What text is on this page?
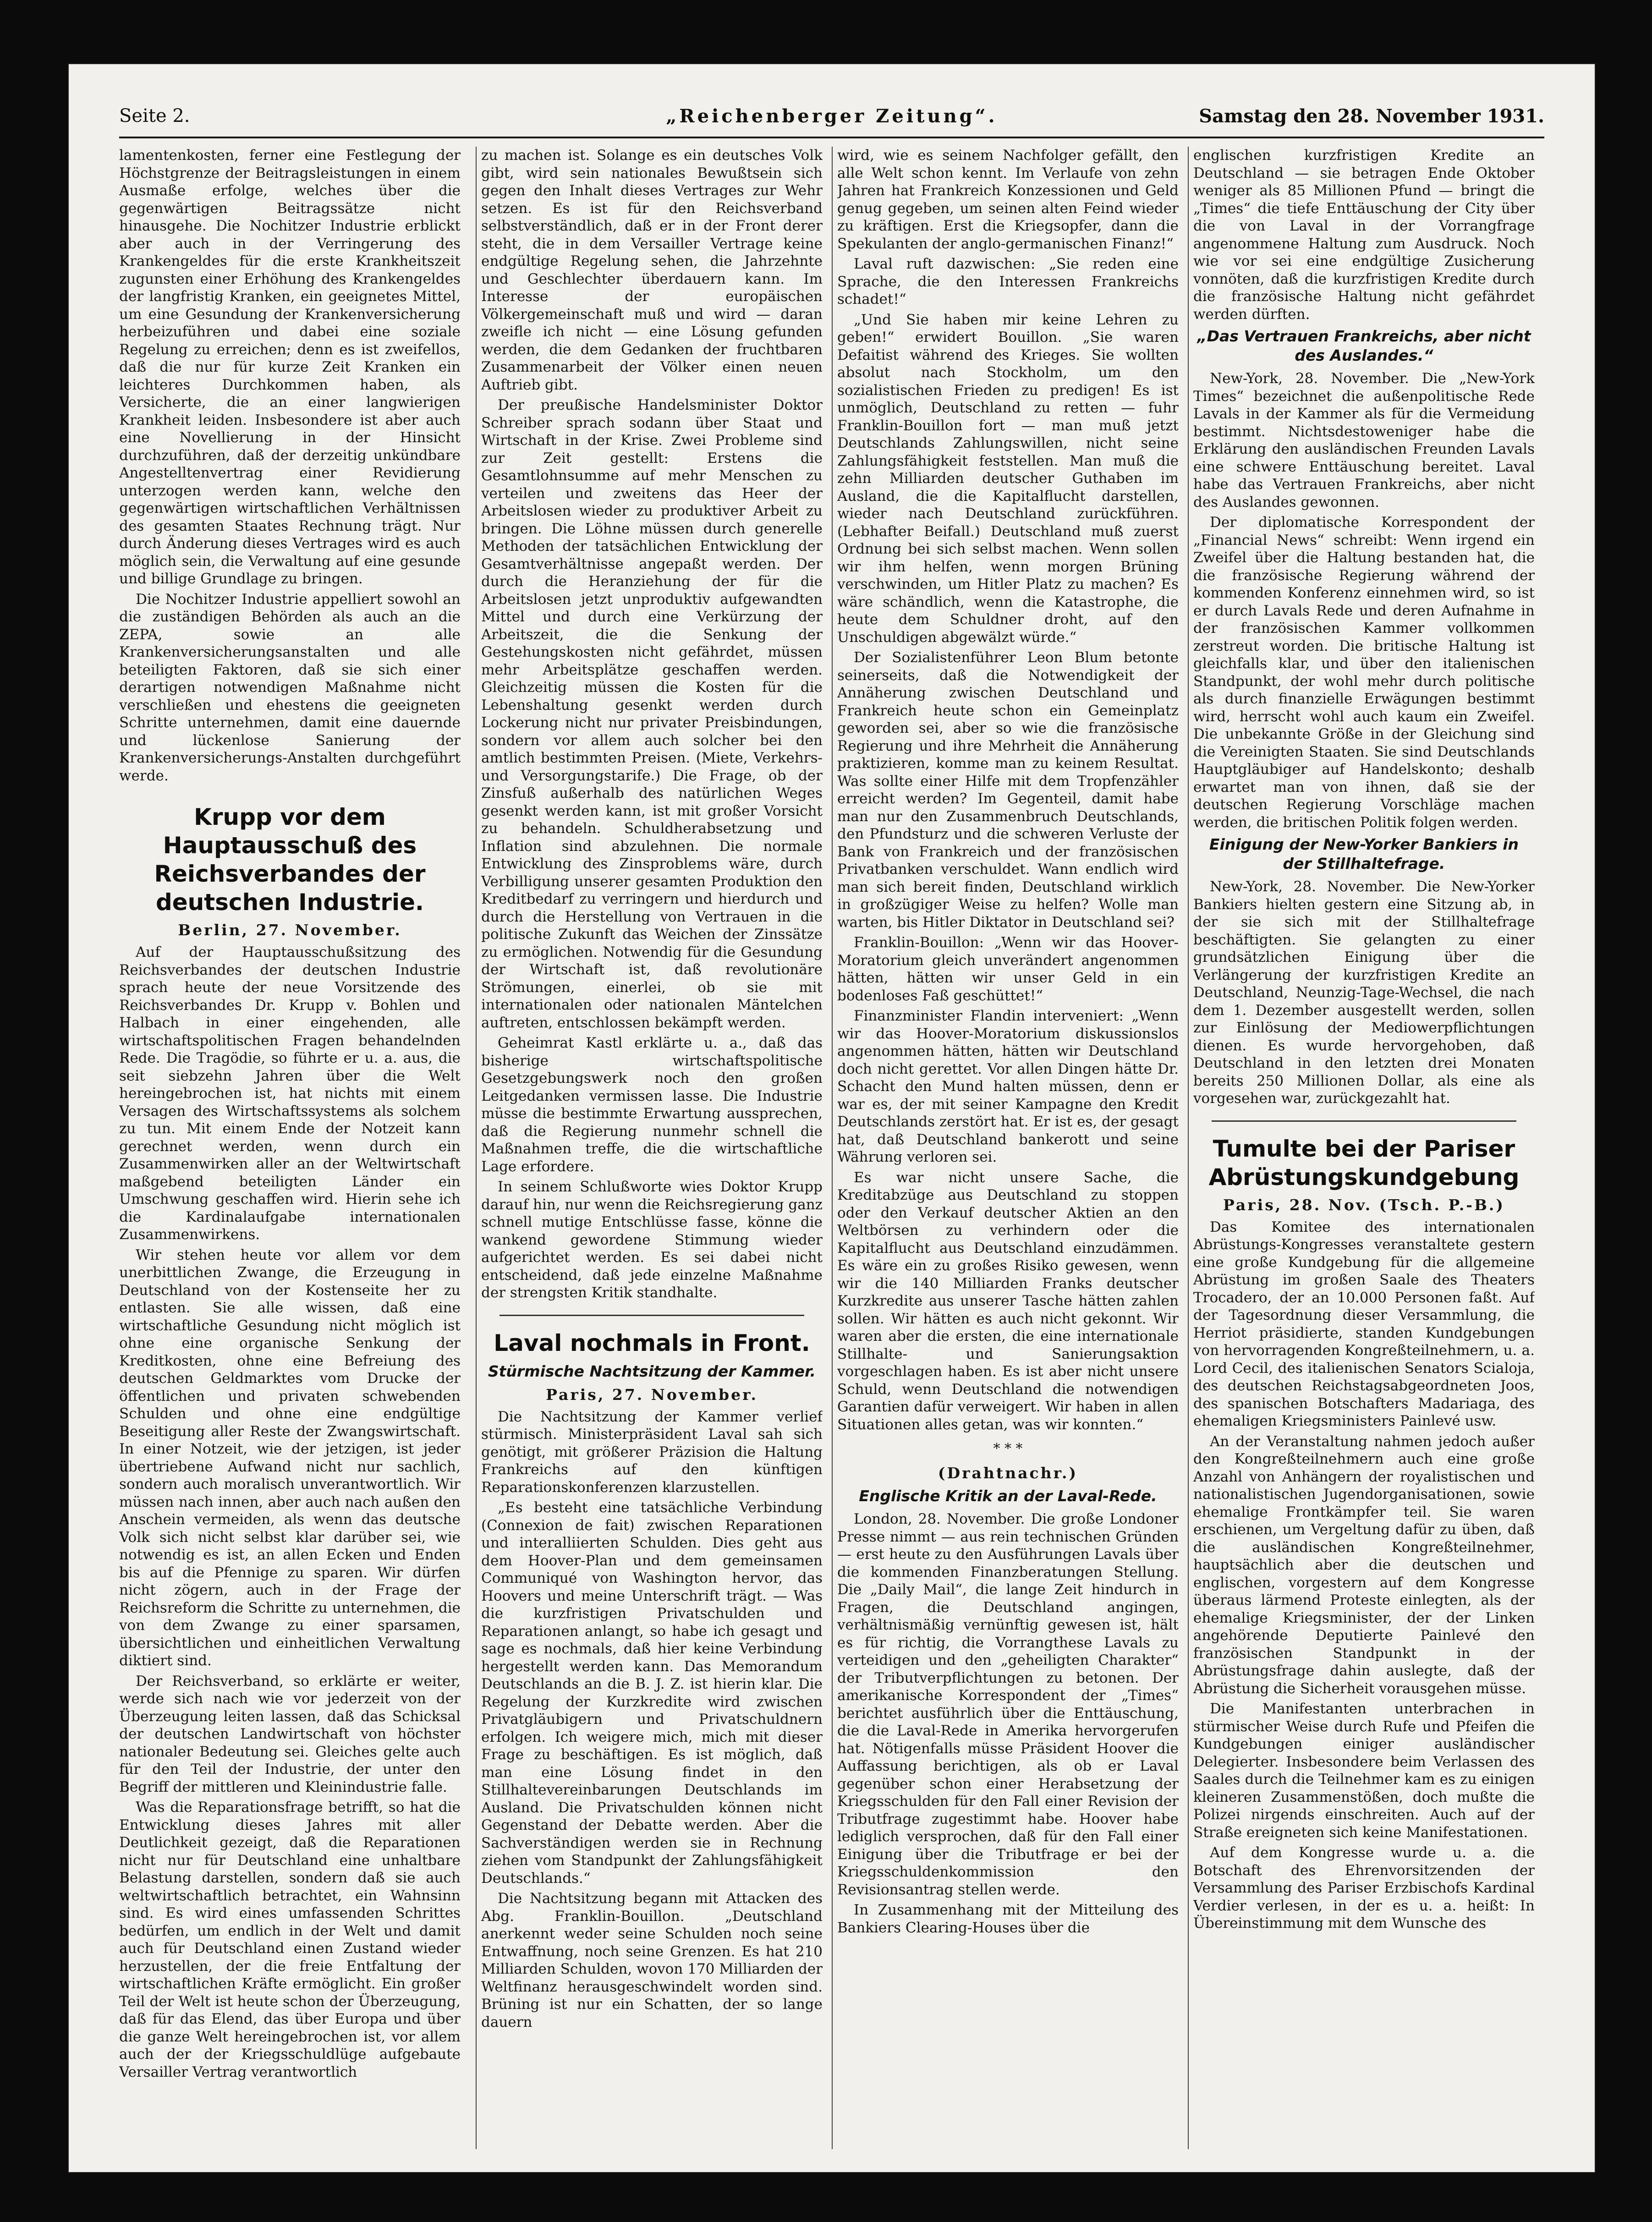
Seite 2.	„Reichenberger Zeitung“.	Samstag den 28. November 1931.

lamentenkosten, ferner eine Festlegung der Höchstgrenze der Beitragsleistungen in einem Ausmaße erfolge, welches über die gegenwärtigen Beitragssätze nicht hinausgehe. Die Nochitzer Industrie erblickt aber auch in der Verringerung des Krankengeldes für die erste Krankheitszeit zugunsten einer Erhöhung des Krankengeldes der langfristig Kranken, ein geeignetes Mittel, um eine Gesundung der Krankenversicherung herbeizuführen und dabei eine soziale Regelung zu erreichen; denn es ist zweifellos, daß die nur für kurze Zeit Kranken ein leichteres Durchkommen haben, als Versicherte, die an einer langwierigen Krankheit leiden. Insbesondere ist aber auch eine Novellierung in der Hinsicht durchzuführen, daß der derzeitig unkündbare Angestelltenvertrag einer Revidierung unterzogen werden kann, welche den gegenwärtigen wirtschaftlichen Verhältnissen des gesamten Staates Rechnung trägt. Nur durch Änderung dieses Vertrages wird es auch möglich sein, die Verwaltung auf eine gesunde und billige Grundlage zu bringen.

Die Nochitzer Industrie appelliert sowohl an die zuständigen Behörden als auch an die ZEPA, sowie an alle Krankenversicherungsanstalten und alle beteiligten Faktoren, daß sie sich einer derartigen notwendigen Maßnahme nicht verschließen und ehestens die geeigneten Schritte unternehmen, damit eine dauernde und lückenlose Sanierung der Krankenversicherungs-Anstalten durchgeführt werde.

Krupp vor dem Hauptausschuß des Reichsverbandes der deutschen Industrie.
Berlin, 27. November.

Auf der Hauptausschußsitzung des Reichsverbandes der deutschen Industrie sprach heute der neue Vorsitzende des Reichsverbandes Dr. Krupp v. Bohlen und Halbach in einer eingehenden, alle wirtschaftspolitischen Fragen behandelnden Rede. Die Tragödie, so führte er u. a. aus, die seit siebzehn Jahren über die Welt hereingebrochen ist, hat nichts mit einem Versagen des Wirtschaftssystems als solchem zu tun. Mit einem Ende der Notzeit kann gerechnet werden, wenn durch ein Zusammenwirken aller an der Weltwirtschaft maßgebend beteiligten Länder ein Umschwung geschaffen wird. Hierin sehe ich die Kardinalaufgabe internationalen Zusammenwirkens.

Wir stehen heute vor allem vor dem unerbittlichen Zwange, die Erzeugung in Deutschland von der Kostenseite her zu entlasten. Sie alle wissen, daß eine wirtschaftliche Gesundung nicht möglich ist ohne eine organische Senkung der Kreditkosten, ohne eine Befreiung des deutschen Geldmarktes vom Drucke der öffentlichen und privaten schwebenden Schulden und ohne eine endgültige Beseitigung aller Reste der Zwangswirtschaft. In einer Notzeit, wie der jetzigen, ist jeder übertriebene Aufwand nicht nur sachlich, sondern auch moralisch unverantwortlich. Wir müssen nach innen, aber auch nach außen den Anschein vermeiden, als wenn das deutsche Volk sich nicht selbst klar darüber sei, wie notwendig es ist, an allen Ecken und Enden bis auf die Pfennige zu sparen. Wir dürfen nicht zögern, auch in der Frage der Reichsreform die Schritte zu unternehmen, die von dem Zwange zu einer sparsamen, übersichtlichen und einheitlichen Verwaltung diktiert sind.

Der Reichsverband, so erklärte er weiter, werde sich nach wie vor jederzeit von der Überzeugung leiten lassen, daß das Schicksal der deutschen Landwirtschaft von höchster nationaler Bedeutung sei. Gleiches gelte auch für den Teil der Industrie, der unter den Begriff der mittleren und Kleinindustrie falle.

Was die Reparationsfrage betrifft, so hat die Entwicklung dieses Jahres mit aller Deutlichkeit gezeigt, daß die Reparationen nicht nur für Deutschland eine unhaltbare Belastung darstellen, sondern daß sie auch weltwirtschaftlich betrachtet, ein Wahnsinn sind. Es wird eines umfassenden Schrittes bedürfen, um endlich in der Welt und damit auch für Deutschland einen Zustand wieder herzustellen, der die freie Entfaltung der wirtschaftlichen Kräfte ermöglicht. Ein großer Teil der Welt ist heute schon der Überzeugung, daß für das Elend, das über Europa und über die ganze Welt hereingebrochen ist, vor allem auch der der Kriegsschuldlüge aufgebaute Versailler Vertrag verantwortlich

zu machen ist. Solange es ein deutsches Volk gibt, wird sein nationales Bewußtsein sich gegen den Inhalt dieses Vertrages zur Wehr setzen. Es ist für den Reichsverband selbstverständlich, daß er in der Front derer steht, die in dem Versailler Vertrage keine endgültige Regelung sehen, die Jahrzehnte und Geschlechter überdauern kann. Im Interesse der europäischen Völkergemeinschaft muß und wird — daran zweifle ich nicht — eine Lösung gefunden werden, die dem Gedanken der fruchtbaren Zusammenarbeit der Völker einen neuen Auftrieb gibt.

Der preußische Handelsminister Doktor Schreiber sprach sodann über Staat und Wirtschaft in der Krise. Zwei Probleme sind zur Zeit gestellt: Erstens die Gesamtlohnsumme auf mehr Menschen zu verteilen und zweitens das Heer der Arbeitslosen wieder zu produktiver Arbeit zu bringen. Die Löhne müssen durch generelle Methoden der tatsächlichen Entwicklung der Gesamtverhältnisse angepaßt werden. Der durch die Heranziehung der für die Arbeitslosen jetzt unproduktiv aufgewandten Mittel und durch eine Verkürzung der Arbeitszeit, die die Senkung der Gestehungskosten nicht gefährdet, müssen mehr Arbeitsplätze geschaffen werden. Gleichzeitig müssen die Kosten für die Lebenshaltung gesenkt werden durch Lockerung nicht nur privater Preisbindungen, sondern vor allem auch solcher bei den amtlich bestimmten Preisen. (Miete, Verkehrs- und Versorgungstarife.) Die Frage, ob der Zinsfuß außerhalb des natürlichen Weges gesenkt werden kann, ist mit großer Vorsicht zu behandeln. Schuldherabsetzung und Inflation sind abzulehnen. Die normale Entwicklung des Zinsproblems wäre, durch Verbilligung unserer gesamten Produktion den Kreditbedarf zu verringern und hierdurch und durch die Herstellung von Vertrauen in die politische Zukunft das Weichen der Zinssätze zu ermöglichen. Notwendig für die Gesundung der Wirtschaft ist, daß revolutionäre Strömungen, einerlei, ob sie mit internationalen oder nationalen Mäntelchen auftreten, entschlossen bekämpft werden.

Geheimrat Kastl erklärte u. a., daß das bisherige wirtschaftspolitische Gesetzgebungswerk noch den großen Leitgedanken vermissen lasse. Die Industrie müsse die bestimmte Erwartung aussprechen, daß die Regierung nunmehr schnell die Maßnahmen treffe, die die wirtschaftliche Lage erfordere.

In seinem Schlußworte wies Doktor Krupp darauf hin, nur wenn die Reichsregierung ganz schnell mutige Entschlüsse fasse, könne die wankend gewordene Stimmung wieder aufgerichtet werden. Es sei dabei nicht entscheidend, daß jede einzelne Maßnahme der strengsten Kritik standhalte.

Laval nochmals in Front.
Stürmische Nachtsitzung der Kammer.
Paris, 27. November.

Die Nachtsitzung der Kammer verlief stürmisch. Ministerpräsident Laval sah sich genötigt, mit größerer Präzision die Haltung Frankreichs auf den künftigen Reparationskonferenzen klarzustellen.

„Es besteht eine tatsächliche Verbindung (Connexion de fait) zwischen Reparationen und interalliierten Schulden. Dies geht aus dem Hoover-Plan und dem gemeinsamen Communiqué von Washington hervor, das Hoovers und meine Unterschrift trägt. — Was die kurzfristigen Privatschulden und Reparationen anlangt, so habe ich gesagt und sage es nochmals, daß hier keine Verbindung hergestellt werden kann. Das Memorandum Deutschlands an die B. J. Z. ist hierin klar. Die Regelung der Kurzkredite wird zwischen Privatgläubigern und Privatschuldnern erfolgen. Ich weigere mich, mich mit dieser Frage zu beschäftigen. Es ist möglich, daß man eine Lösung findet in den Stillhaltevereinbarungen Deutschlands im Ausland. Die Privatschulden können nicht Gegenstand der Debatte werden. Aber die Sachverständigen werden sie in Rechnung ziehen vom Standpunkt der Zahlungsfähigkeit Deutschlands.“

Die Nachtsitzung begann mit Attacken des Abg. Franklin-Bouillon. „Deutschland anerkennt weder seine Schulden noch seine Entwaffnung, noch seine Grenzen. Es hat 210 Milliarden Schulden, wovon 170 Milliarden der Weltfinanz herausgeschwindelt worden sind. Brüning ist nur ein Schatten, der so lange dauern

wird, wie es seinem Nachfolger gefällt, den alle Welt schon kennt. Im Verlaufe von zehn Jahren hat Frankreich Konzessionen und Geld genug gegeben, um seinen alten Feind wieder zu kräftigen. Erst die Kriegsopfer, dann die Spekulanten der anglo-germanischen Finanz!“

Laval ruft dazwischen: „Sie reden eine Sprache, die den Interessen Frankreichs schadet!“

„Und Sie haben mir keine Lehren zu geben!“ erwidert Bouillon. „Sie waren Defaitist während des Krieges. Sie wollten absolut nach Stockholm, um den sozialistischen Frieden zu predigen! Es ist unmöglich, Deutschland zu retten — fuhr Franklin-Bouillon fort — man muß jetzt Deutschlands Zahlungswillen, nicht seine Zahlungsfähigkeit feststellen. Man muß die zehn Milliarden deutscher Guthaben im Ausland, die die Kapitalflucht darstellen, wieder nach Deutschland zurückführen. (Lebhafter Beifall.) Deutschland muß zuerst Ordnung bei sich selbst machen. Wenn sollen wir ihm helfen, wenn morgen Brüning verschwinden, um Hitler Platz zu machen? Es wäre schändlich, wenn die Katastrophe, die heute dem Schuldner droht, auf den Unschuldigen abgewälzt würde.“

Der Sozialistenführer Leon Blum betonte seinerseits, daß die Notwendigkeit der Annäherung zwischen Deutschland und Frankreich heute schon ein Gemeinplatz geworden sei, aber so wie die französische Regierung und ihre Mehrheit die Annäherung praktizieren, komme man zu keinem Resultat. Was sollte einer Hilfe mit dem Tropfenzähler erreicht werden? Im Gegenteil, damit habe man nur den Zusammenbruch Deutschlands, den Pfundsturz und die schweren Verluste der Bank von Frankreich und der französischen Privatbanken verschuldet. Wann endlich wird man sich bereit finden, Deutschland wirklich in großzügiger Weise zu helfen? Wolle man warten, bis Hitler Diktator in Deutschland sei?

Franklin-Bouillon: „Wenn wir das Hoover-Moratorium gleich unverändert angenommen hätten, hätten wir unser Geld in ein bodenloses Faß geschüttet!“

Finanzminister Flandin interveniert: „Wenn wir das Hoover-Moratorium diskussionslos angenommen hätten, hätten wir Deutschland doch nicht gerettet. Vor allen Dingen hätte Dr. Schacht den Mund halten müssen, denn er war es, der mit seiner Kampagne den Kredit Deutschlands zerstört hat. Er ist es, der gesagt hat, daß Deutschland bankerott und seine Währung verloren sei.

Es war nicht unsere Sache, die Kreditabzüge aus Deutschland zu stoppen oder den Verkauf deutscher Aktien an den Weltbörsen zu verhindern oder die Kapitalflucht aus Deutschland einzudämmen. Es wäre ein zu großes Risiko gewesen, wenn wir die 140 Milliarden Franks deutscher Kurzkredite aus unserer Tasche hätten zahlen sollen. Wir hätten es auch nicht gekonnt. Wir waren aber die ersten, die eine internationale Stillhalte- und Sanierungsaktion vorgeschlagen haben. Es ist aber nicht unsere Schuld, wenn Deutschland die notwendigen Garantien dafür verweigert. Wir haben in allen Situationen alles getan, was wir konnten.“

* * *
(Drahtnachr.)
Englische Kritik an der Laval-Rede.

London, 28. November. Die große Londoner Presse nimmt — aus rein technischen Gründen — erst heute zu den Ausführungen Lavals über die kommenden Finanzberatungen Stellung. Die „Daily Mail“, die lange Zeit hindurch in Fragen, die Deutschland angingen, verhältnismäßig vernünftig gewesen ist, hält es für richtig, die Vorrangthese Lavals zu verteidigen und den „geheiligten Charakter“ der Tributverpflichtungen zu betonen. Der amerikanische Korrespondent der „Times“ berichtet ausführlich über die Enttäuschung, die die Laval-Rede in Amerika hervorgerufen hat. Nötigenfalls müsse Präsident Hoover die Auffassung berichtigen, als ob er Laval gegenüber schon einer Herabsetzung der Kriegsschulden für den Fall einer Revision der Tributfrage zugestimmt habe. Hoover habe lediglich versprochen, daß für den Fall einer Einigung über die Tributfrage er bei der Kriegsschuldenkommission den Revisionsantrag stellen werde.

In Zusammenhang mit der Mitteilung des Bankiers Clearing-Houses über die

englischen kurzfristigen Kredite an Deutschland — sie betragen Ende Oktober weniger als 85 Millionen Pfund — bringt die „Times“ die tiefe Enttäuschung der City über die von Laval in der Vorrangfrage angenommene Haltung zum Ausdruck. Noch wie vor sei eine endgültige Zusicherung vonnöten, daß die kurzfristigen Kredite durch die französische Haltung nicht gefährdet werden dürften.

„Das Vertrauen Frankreichs, aber nicht des Auslandes.“

New-York, 28. November. Die „New-York Times“ bezeichnet die außenpolitische Rede Lavals in der Kammer als für die Vermeidung bestimmt. Nichtsdestoweniger habe die Erklärung den ausländischen Freunden Lavals eine schwere Enttäuschung bereitet. Laval habe das Vertrauen Frankreichs, aber nicht des Auslandes gewonnen.

Der diplomatische Korrespondent der „Financial News“ schreibt: Wenn irgend ein Zweifel über die Haltung bestanden hat, die die französische Regierung während der kommenden Konferenz einnehmen wird, so ist er durch Lavals Rede und deren Aufnahme in der französischen Kammer vollkommen zerstreut worden. Die britische Haltung ist gleichfalls klar, und über den italienischen Standpunkt, der wohl mehr durch politische als durch finanzielle Erwägungen bestimmt wird, herrscht wohl auch kaum ein Zweifel. Die unbekannte Größe in der Gleichung sind die Vereinigten Staaten. Sie sind Deutschlands Hauptgläubiger auf Handelskonto; deshalb erwartet man von ihnen, daß sie der deutschen Regierung Vorschläge machen werden, die britischen Politik folgen werden.

Einigung der New-Yorker Bankiers in der Stillhaltefrage.

New-York, 28. November. Die New-Yorker Bankiers hielten gestern eine Sitzung ab, in der sie sich mit der Stillhaltefrage beschäftigten. Sie gelangten zu einer grundsätzlichen Einigung über die Verlängerung der kurzfristigen Kredite an Deutschland, Neunzig-Tage-Wechsel, die nach dem 1. Dezember ausgestellt werden, sollen zur Einlösung der Mediowerpflichtungen dienen. Es wurde hervorgehoben, daß Deutschland in den letzten drei Monaten bereits 250 Millionen Dollar, als eine als vorgesehen war, zurückgezahlt hat.

Tumulte bei der Pariser Abrüstungskundgebung
Paris, 28. Nov. (Tsch. P.-B.)

Das Komitee des internationalen Abrüstungs-Kongresses veranstaltete gestern eine große Kundgebung für die allgemeine Abrüstung im großen Saale des Theaters Trocadero, der an 10.000 Personen faßt. Auf der Tagesordnung dieser Versammlung, die Herriot präsidierte, standen Kundgebungen von hervorragenden Kongreßteilnehmern, u. a. Lord Cecil, des italienischen Senators Scialoja, des deutschen Reichstagsabgeordneten Joos, des spanischen Botschafters Madariaga, des ehemaligen Kriegsministers Painlevé usw.

An der Veranstaltung nahmen jedoch außer den Kongreßteilnehmern auch eine große Anzahl von Anhängern der royalistischen und nationalistischen Jugendorganisationen, sowie ehemalige Frontkämpfer teil. Sie waren erschienen, um Vergeltung dafür zu üben, daß die ausländischen Kongreßteilnehmer, hauptsächlich aber die deutschen und englischen, vorgestern auf dem Kongresse überaus lärmend Proteste einlegten, als der ehemalige Kriegsminister, der der Linken angehörende Deputierte Painlevé den französischen Standpunkt in der Abrüstungsfrage dahin auslegte, daß der Abrüstung die Sicherheit vorausgehen müsse.

Die Manifestanten unterbrachen in stürmischer Weise durch Rufe und Pfeifen die Kundgebungen einiger ausländischer Delegierter. Insbesondere beim Verlassen des Saales durch die Teilnehmer kam es zu einigen kleineren Zusammenstößen, doch mußte die Polizei nirgends einschreiten. Auch auf der Straße ereigneten sich keine Manifestationen.

Auf dem Kongresse wurde u. a. die Botschaft des Ehrenvorsitzenden der Versammlung des Pariser Erzbischofs Kardinal Verdier verlesen, in der es u. a. heißt: In Übereinstimmung mit dem Wunsche des
